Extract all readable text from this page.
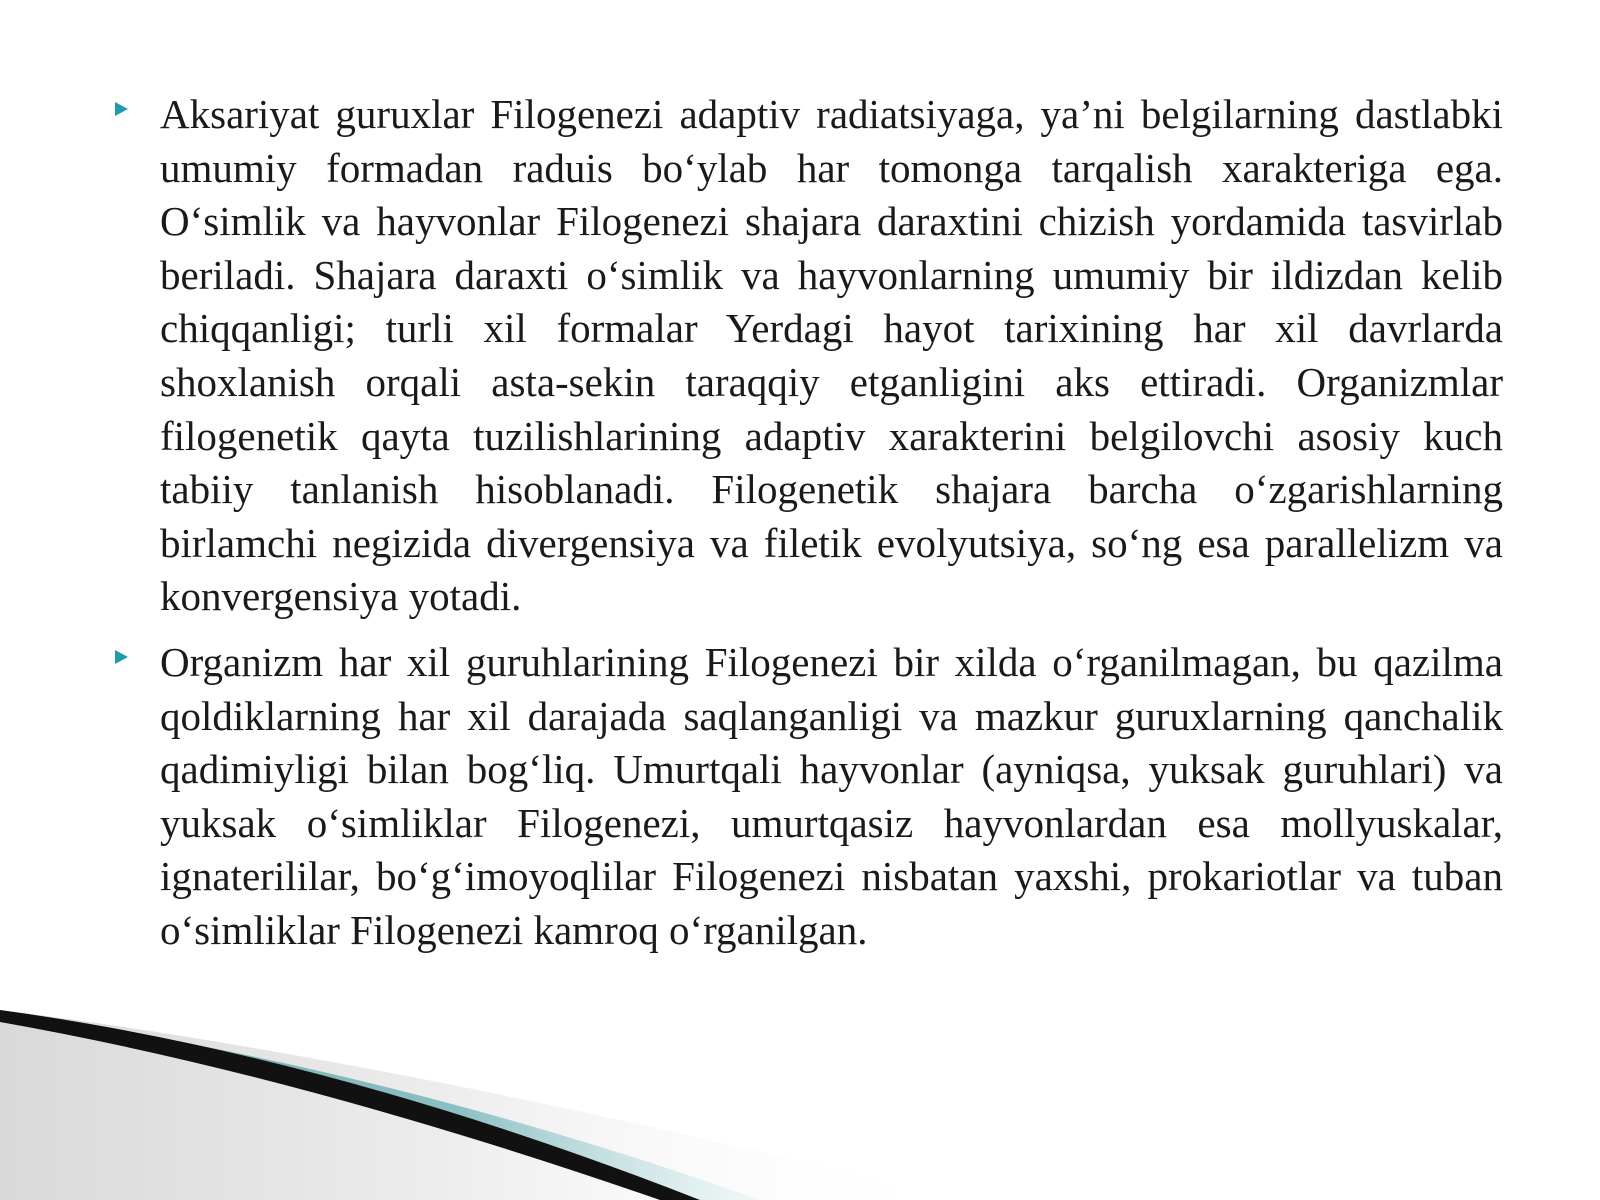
Aksariyat guruxlar Filogenezi adaptiv radiatsiyaga, ya’ni belgilarning dastlabki umumiy formadan raduis bo‘ylab har tomonga tarqalish xarakteriga ega. O‘simlik va hayvonlar Filogenezi shajara daraxtini chizish yordamida tasvirlab beriladi. Shajara daraxti o‘simlik va hayvonlarning umumiy bir ildizdan kelib chiqqanligi; turli xil formalar Yerdagi hayot tarixining har xil davrlarda shoxlanish orqali asta-sekin taraqqiy etganligini aks ettiradi. Organizmlar filogenetik qayta tuzilishlarining adaptiv xarakterini belgilovchi asosiy kuch tabiiy tanlanish hisoblanadi. Filogenetik shajara barcha o‘zgarishlarning birlamchi negizida divergensiya va filetik evolyutsiya, so‘ng esa parallelizm va konvergensiya yotadi.

Organizm har xil guruhlarining Filogenezi bir xilda o‘rganilmagan, bu qazilma qoldiklarning har xil darajada saqlanganligi va mazkur guruxlarning qanchalik qadimiyligi bilan bog‘liq. Umurtqali hayvonlar (ayniqsa, yuksak guruhlari) va yuksak o‘simliklar Filogenezi, umurtqasiz hayvonlardan esa mollyuskalar, ignaterililar, bo‘g‘imoyoqlilar Filogenezi nisbatan yaxshi, prokariotlar va tuban o‘simliklar Filogenezi kamroq o‘rganilgan.
